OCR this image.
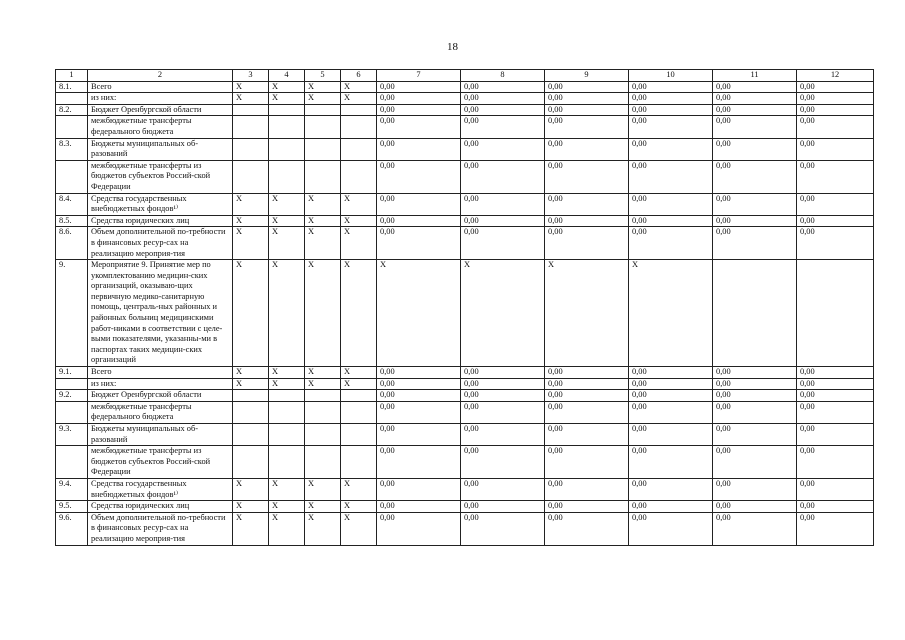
18
1	2	3	4	5	6	7	8	9	10	11	12
8.1.	Всего	X	X	X	X	0,00	0,00	0,00	0,00	0,00	0,00
	из них:	X	X	X	X	0,00	0,00	0,00	0,00	0,00	0,00
8.2.	Бюджет Оренбургской области					0,00	0,00	0,00	0,00	0,00	0,00
	межбюджетные трансферты федерального бюджета					0,00	0,00	0,00	0,00	0,00	0,00
8.3.	Бюджеты муниципальных об-разований					0,00	0,00	0,00	0,00	0,00	0,00
	межбюджетные трансферты из бюджетов субъектов Россий-ской Федерации					0,00	0,00	0,00	0,00	0,00	0,00
8.4.	Средства государственных внебюджетных фондов¹⁾	X	X	X	X	0,00	0,00	0,00	0,00	0,00	0,00
8.5.	Средства юридических лиц	X	X	X	X	0,00	0,00	0,00	0,00	0,00	0,00
8.6.	Объем дополнительной по-требности в финансовых ресур-сах на реализацию мероприя-тия	X	X	X	X	0,00	0,00	0,00	0,00	0,00	0,00
9.	Мероприятие 9. Принятие мер по укомплектованию медицин-ских организаций, оказываю-щих первичную медико-санитарную помощь, централь-ных районных и районных больниц медицинскими работ-никами в соответствии с целе-выми показателями, указанны-ми в паспортах таких медицин-ских организаций	X	X	X	X	X	X	X	X		
9.1.	Всего	X	X	X	X	0,00	0,00	0,00	0,00	0,00	0,00
	из них:	X	X	X	X	0,00	0,00	0,00	0,00	0,00	0,00
9.2.	Бюджет Оренбургской области					0,00	0,00	0,00	0,00	0,00	0,00
	межбюджетные трансферты федерального бюджета					0,00	0,00	0,00	0,00	0,00	0,00
9.3.	Бюджеты муниципальных об-разований					0,00	0,00	0,00	0,00	0,00	0,00
	межбюджетные трансферты из бюджетов субъектов Россий-ской Федерации					0,00	0,00	0,00	0,00	0,00	0,00
9.4.	Средства государственных внебюджетных фондов¹⁾	X	X	X	X	0,00	0,00	0,00	0,00	0,00	0,00
9.5.	Средства юридических лиц	X	X	X	X	0,00	0,00	0,00	0,00	0,00	0,00
9.6.	Объем дополнительной по-требности в финансовых ресур-сах на реализацию мероприя-тия	X	X	X	X	0,00	0,00	0,00	0,00	0,00	0,00
